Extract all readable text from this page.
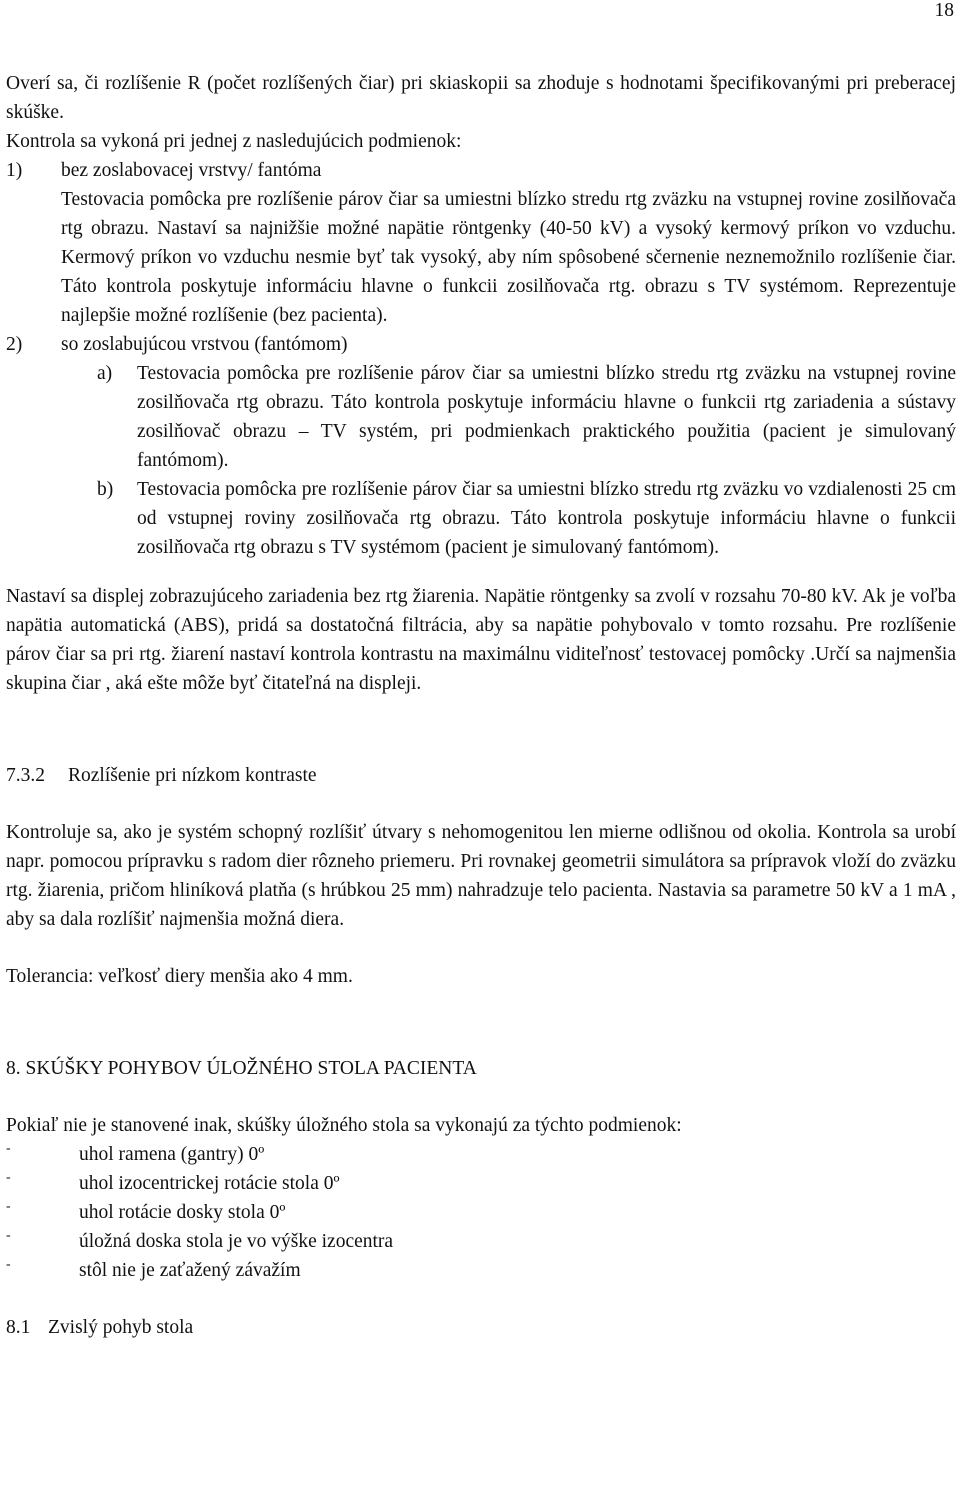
18

Overí sa, či rozlíšenie R (počet rozlíšených čiar) pri skiaskopii sa zhoduje s hodnotami špecifikovanými pri preberacej skúške.

Kontrola sa vykoná pri jednej z nasledujúcich podmienok:

1)	bez zoslabovacej vrstvy/ fantóma

Testovacia pomôcka pre rozlíšenie párov čiar sa umiestni blízko stredu rtg zväzku na vstupnej rovine zosilňovača rtg obrazu. Nastaví sa najnižšie možné napätie röntgenky (40-50 kV) a vysoký kermový príkon vo vzduchu. Kermový príkon vo vzduchu nesmie byť tak vysoký, aby ním spôsobené sčernenie neznemožnilo rozlíšenie čiar. Táto kontrola poskytuje informáciu hlavne o funkcii zosilňovača rtg. obrazu s TV systémom. Reprezentuje najlepšie možné rozlíšenie (bez pacienta).

2)	so zoslabujúcou vrstvou (fantómom)
a)	Testovacia pomôcka pre rozlíšenie párov čiar sa umiestni blízko stredu rtg zväzku na vstupnej rovine zosilňovača rtg obrazu. Táto kontrola poskytuje informáciu hlavne o funkcii rtg zariadenia a sústavy zosilňovač obrazu – TV systém, pri podmienkach praktického použitia (pacient je simulovaný fantómom).
b)	Testovacia pomôcka pre rozlíšenie párov čiar sa umiestni blízko stredu rtg zväzku vo vzdialenosti 25 cm od vstupnej roviny zosilňovača rtg obrazu. Táto kontrola poskytuje informáciu hlavne o funkcii zosilňovača rtg obrazu s TV systémom (pacient je simulovaný fantómom).

Nastaví sa displej zobrazujúceho zariadenia bez rtg žiarenia. Napätie röntgenky sa zvolí v rozsahu 70-80 kV. Ak je voľba napätia automatická (ABS), pridá sa dostatočná filtrácia, aby sa napätie pohybovalo v tomto rozsahu. Pre rozlíšenie párov čiar sa pri rtg. žiarení nastaví kontrola kontrastu na maximálnu viditeľnosť testovacej pomôcky .Určí sa najmenšia skupina čiar , aká ešte môže byť čitateľná na displeji.

7.3.2	Rozlíšenie pri nízkom kontraste

Kontroluje sa, ako je systém schopný rozlíšiť útvary s nehomogenitou len mierne odlišnou od okolia. Kontrola sa urobí napr. pomocou prípravku s radom dier rôzneho priemeru. Pri rovnakej geometrii simulátora sa prípravok vloží do zväzku rtg. žiarenia, pričom hliníková platňa (s hrúbkou 25 mm) nahradzuje telo pacienta. Nastavia sa parametre 50 kV a 1 mA , aby sa dala rozlíšiť najmenšia možná diera.

Tolerancia: veľkosť diery menšia ako 4 mm.

8. SKÚŠKY POHYBOV ÚLOŽNÉHO STOLA PACIENTA

Pokiaľ nie je stanovené inak, skúšky úložného stola sa vykonajú za týchto podmienok:

-	uhol ramena (gantry) 0º
-	uhol izocentrickej rotácie stola 0º
-	uhol rotácie dosky stola 0º
-	úložná doska stola je vo výške izocentra
-	stôl nie je zaťažený závažím

8.1 Zvislý pohyb stola
